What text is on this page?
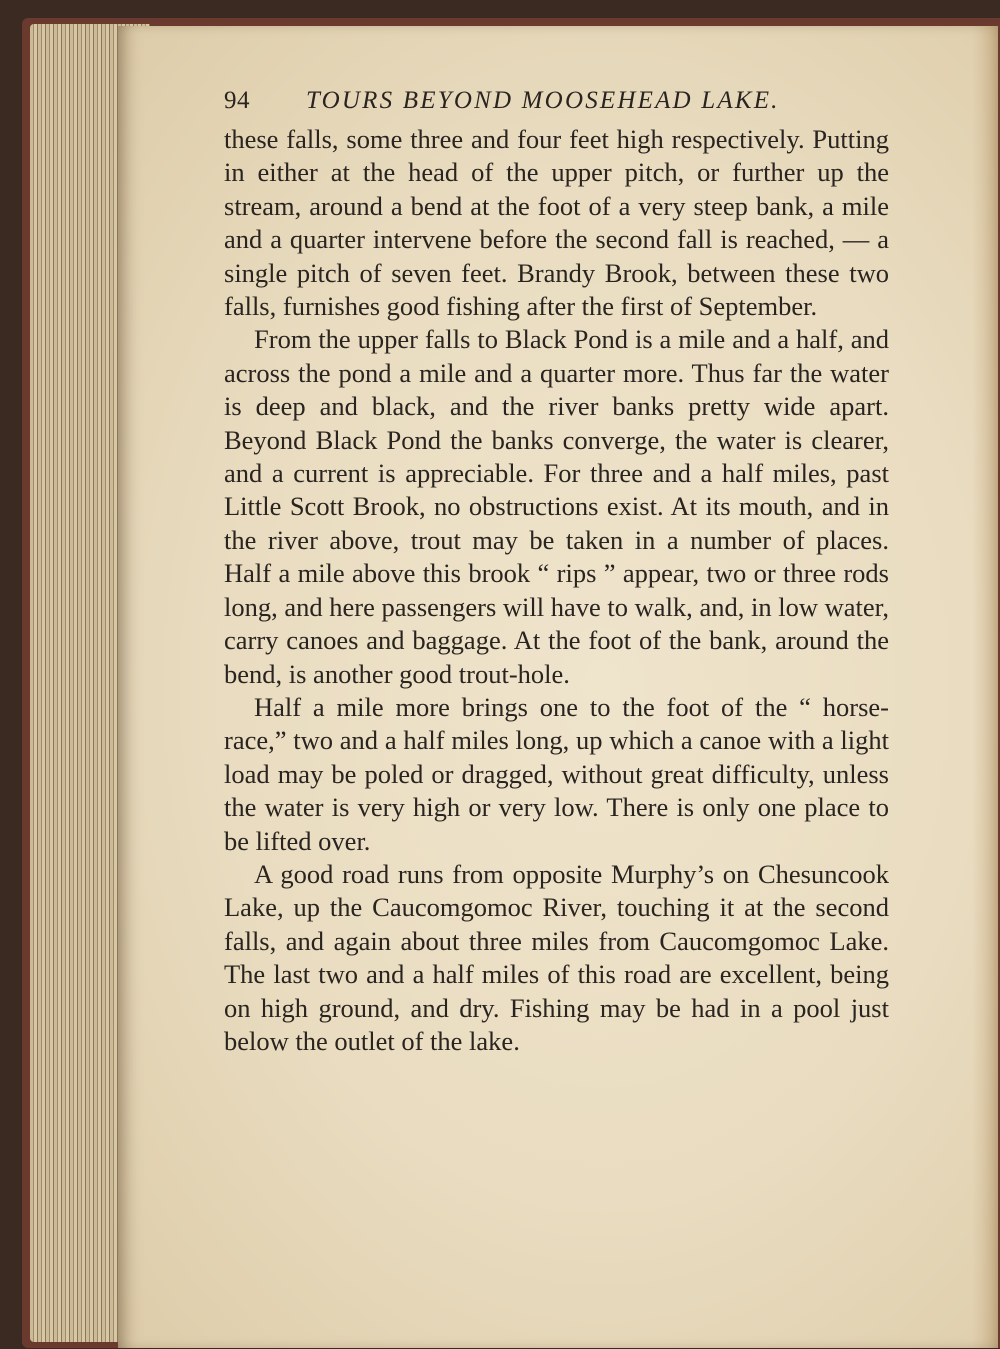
94 TOURS BEYOND MOOSEHEAD LAKE.

these falls, some three and four feet high respectively. Putting in either at the head of the upper pitch, or further up the stream, around a bend at the foot of a very steep bank, a mile and a quarter intervene before the second fall is reached, — a single pitch of seven feet. Brandy Brook, between these two falls, furnishes good fishing after the first of September.

From the upper falls to Black Pond is a mile and a half, and across the pond a mile and a quarter more. Thus far the water is deep and black, and the river banks pretty wide apart. Beyond Black Pond the banks converge, the water is clearer, and a current is appreciable. For three and a half miles, past Little Scott Brook, no obstructions exist. At its mouth, and in the river above, trout may be taken in a number of places. Half a mile above this brook “ rips ” appear, two or three rods long, and here passengers will have to walk, and, in low water, carry canoes and baggage. At the foot of the bank, around the bend, is another good trout-hole.

Half a mile more brings one to the foot of the “ horse-race,” two and a half miles long, up which a canoe with a light load may be poled or dragged, without great difficulty, unless the water is very high or very low. There is only one place to be lifted over.

A good road runs from opposite Murphy’s on Chesuncook Lake, up the Caucomgomoc River, touching it at the second falls, and again about three miles from Caucomgomoc Lake. The last two and a half miles of this road are excellent, being on high ground, and dry. Fishing may be had in a pool just below the outlet of the lake.
